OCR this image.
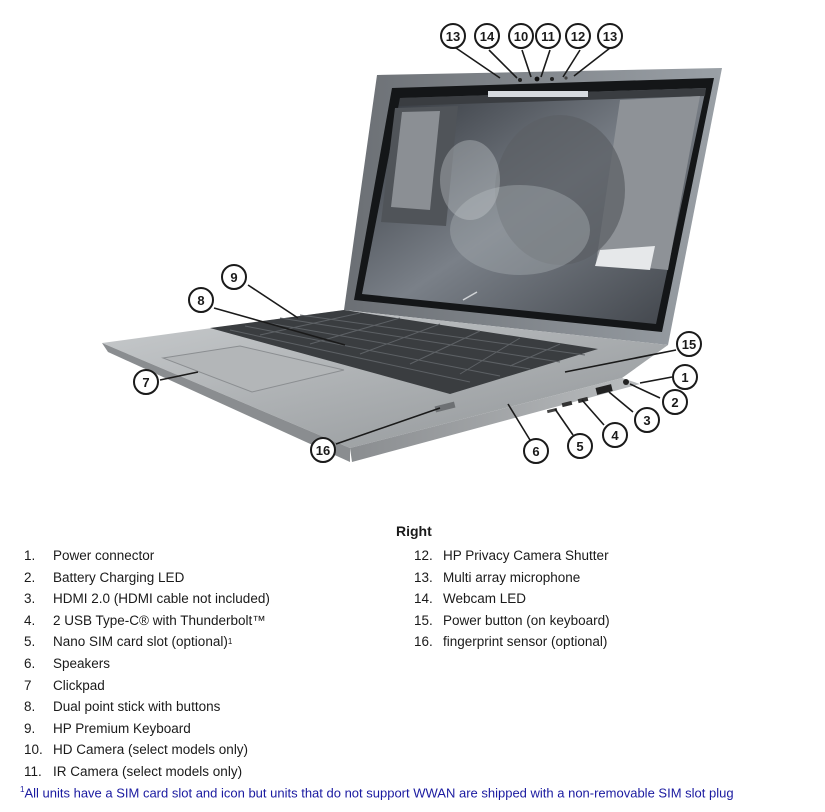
13 14 10 11 12 13
9
8
7
16	6	5
4
3
2
1
15
Right
1.	Power connector
2.	Battery Charging LED
3.	HDMI 2.0 (HDMI cable not included)
4.	2 USB Type-C® with Thunderbolt™
5.	Nano SIM card slot (optional) 1
6.	Speakers
7	Clickpad
8.	Dual point stick with buttons
9.	HP Premium Keyboard
10. HD Camera (select models only)
11. IR Camera (select models only)
12. HP Privacy Camera Shutter
13. Multi array microphone
14. Webcam LED
15. Power button (on keyboard)
16. fingerprint sensor (optional)
$^1$All units have a SIM card slot and icon but units that do not support WWAN are shipped with a non-removable SIM slot plug
